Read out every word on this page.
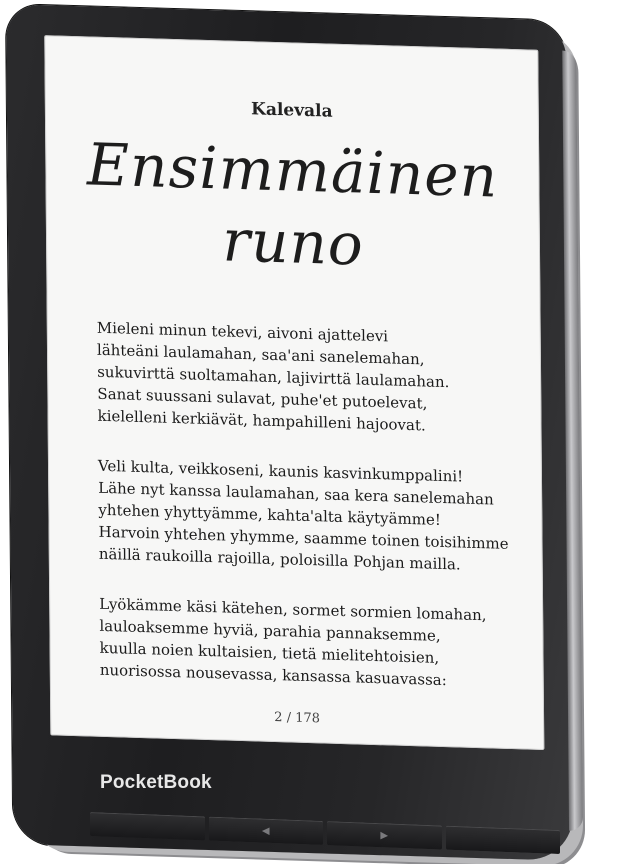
Kalevala
Ensimmäinen
runo
Mieleni minun tekevi, aivoni ajattelevi
lähteäni laulamahan, saa'ani sanelemahan,
sukuvirttä suoltamahan, lajivirttä laulamahan.
Sanat suussani sulavat, puhe'et putoelevat,
kielelleni kerkiävät, hampahilleni hajoovat.
Veli kulta, veikkoseni, kaunis kasvinkumppalini!
Lähe nyt kanssa laulamahan, saa kera sanelemahan
yhtehen yhyttyämme, kahta'alta käytyämme!
Harvoin yhtehen yhymme, saamme toinen toisihimme
näillä raukoilla rajoilla, poloisilla Pohjan mailla.
Lyökämme käsi kätehen, sormet sormien lomahan,
lauloaksemme hyviä, parahia pannaksemme,
kuulla noien kultaisien, tietä mielitehtoisien,
nuorisossa nousevassa, kansassa kasuavassa:
2 / 178
PocketBook
◀	▶
